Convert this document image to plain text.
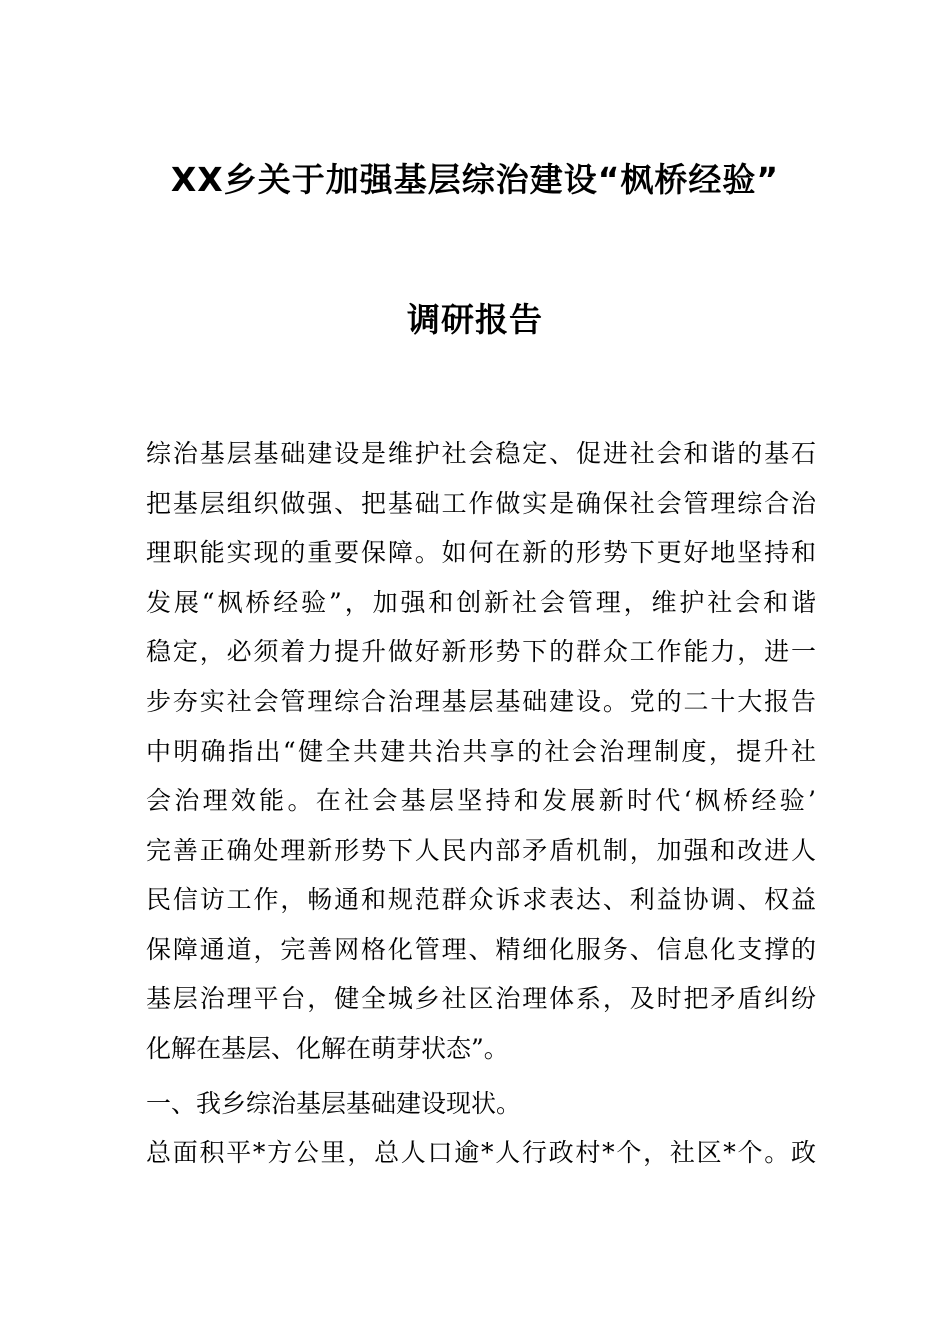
XX乡关于加强基层综治建设“枫桥经验”
调研报告

综治基层基础建设是维护社会稳定、促进社会和谐的基石

把基层组织做强、把基础工作做实是确保社会管理综合治

理职能实现的重要保障。如何在新的形势下更好地坚持和

发展“枫桥经验”，加强和创新社会管理，维护社会和谐

稳定，必须着力提升做好新形势下的群众工作能力，进一

步夯实社会管理综合治理基层基础建设。党的二十大报告

中明确指出“健全共建共治共享的社会治理制度，提升社

会治理效能。在社会基层坚持和发展新时代‘枫桥经验’

完善正确处理新形势下人民内部矛盾机制，加强和改进人

民信访工作，畅通和规范群众诉求表达、利益协调、权益

保障通道，完善网格化管理、精细化服务、信息化支撑的

基层治理平台，健全城乡社区治理体系，及时把矛盾纠纷

化解在基层、化解在萌芽状态”。

一、我乡综治基层基础建设现状。

总面积平*方公里，总人口逾*人行政村*个，社区*个。政
